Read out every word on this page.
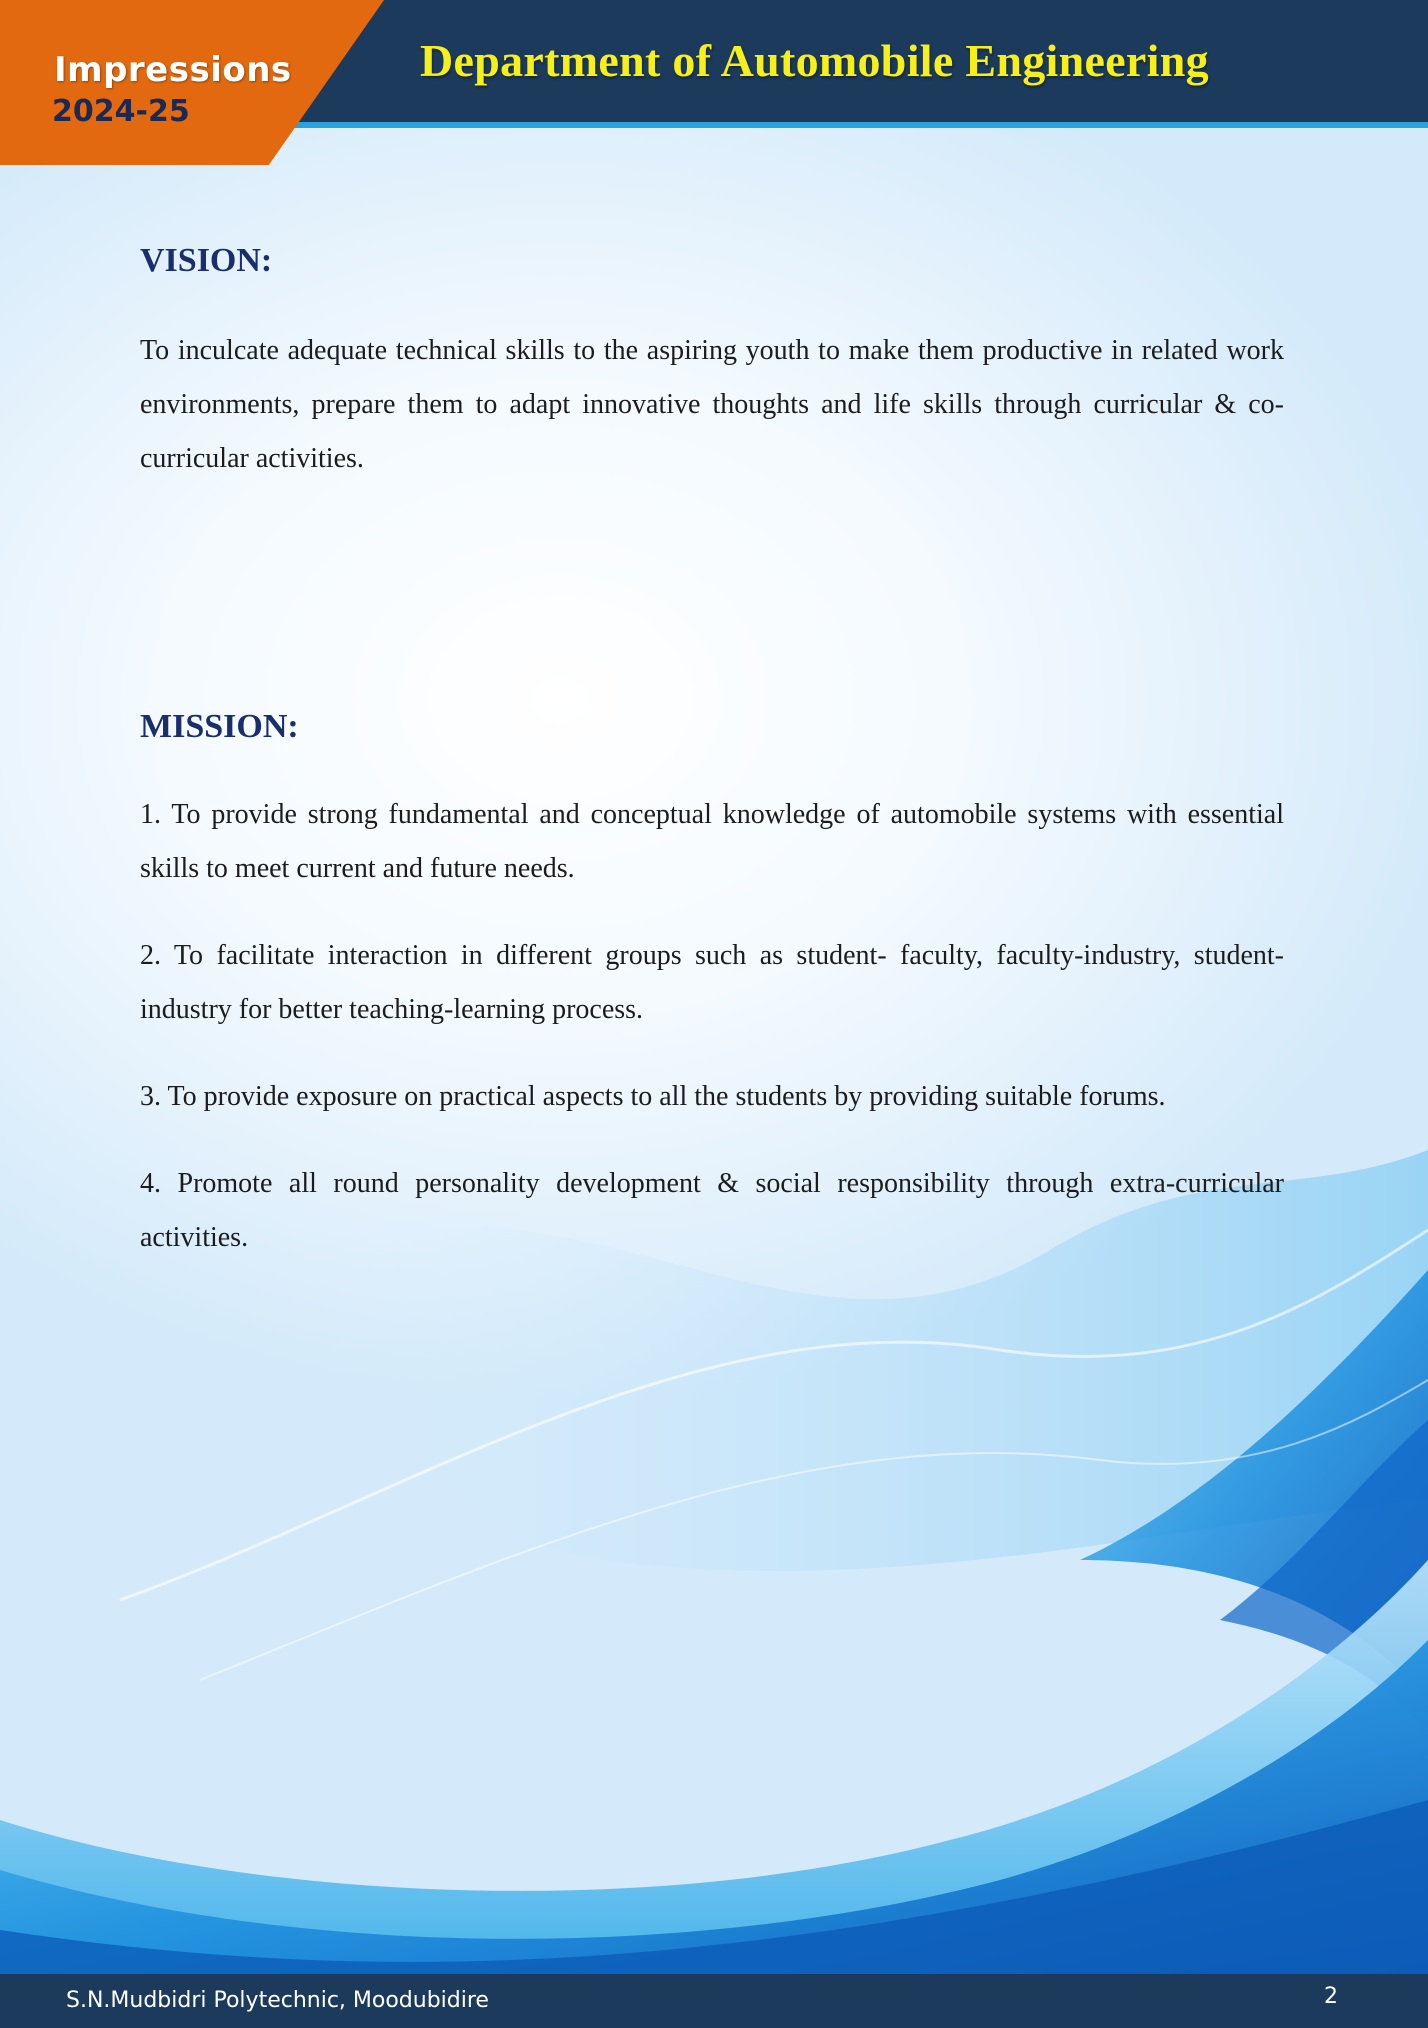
Impressions
2024-25
Department of Automobile Engineering
VISION:

To inculcate adequate technical skills to the aspiring youth to make them productive in related work environments, prepare them to adapt innovative thoughts and life skills through curricular & co-curricular activities.

MISSION:

1. To provide strong fundamental and conceptual knowledge of automobile systems with essential skills to meet current and future needs.

2. To facilitate interaction in different groups such as student- faculty, faculty-industry, student- industry for better teaching-learning process.

3. To provide exposure on practical aspects to all the students by providing suitable forums.

4. Promote all round personality development & social responsibility through extra-curricular activities.

S.N.Mudbidri Polytechnic, Moodubidire	2
